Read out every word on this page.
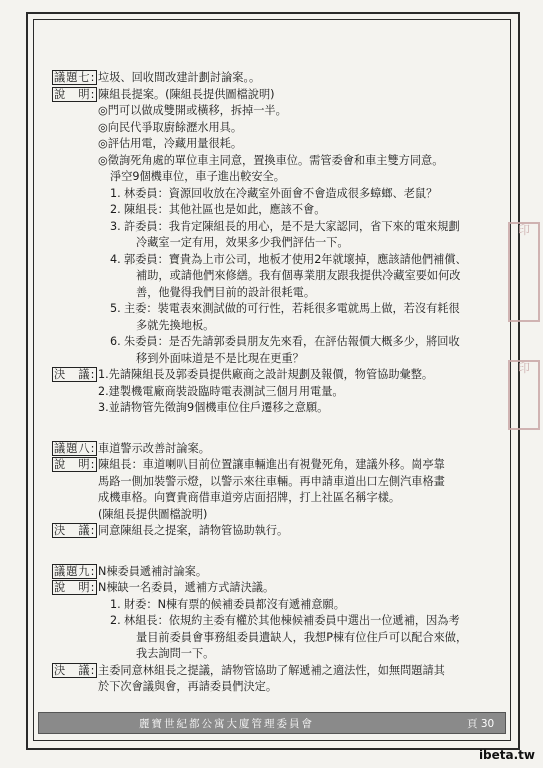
印
印
議題七: 垃圾、回收間改建計劃討論案。。

說　明: 陳組長提案。(陳組長提供圖檔說明)

◎門可以做成雙開或橫移，拆掉一半。

◎向民代爭取廚餘瀝水用具。

◎評估用電，冷藏用量很耗。

◎徵詢死角處的單位車主同意，置換車位。需管委會和車主雙方同意。

淨空9個機車位，車子進出較安全。

1. 林委員：資源回收放在冷藏室外面會不會造成很多蟑螂、老鼠？

2. 陳組長：其他社區也是如此，應該不會。

3. 許委員：我肯定陳組長的用心，是不是大家認同，省下來的電來規劃

冷藏室一定有用，效果多少我們評估一下。

4. 郭委員：寶貴為上市公司，地板才使用2年就壞掉，應該請他們補償、

補助，或請他們來修繕。我有個專業朋友跟我提供冷藏室要如何改

善，他覺得我們目前的設計很耗電。

5. 主委：裝電表來測試做的可行性，若耗很多電就馬上做，若沒有耗很

多就先換地板。

6. 朱委員：是否先請郭委員朋友先來看，在評估報價大概多少，將回收

移到外面味道是不是比現在更重？

決　議: 1.先請陳組長及郭委員提供廠商之設計規劃及報價，物管協助彙整。

2.建製機電廠商裝設臨時電表測試三個月用電量。

3.並請物管先徵詢9個機車位住戶遷移之意願。

議題八: 車道警示改善討論案。

說　明: 陳組長：車道喇叭目前位置讓車輛進出有視覺死角，建議外移。崗亭靠

馬路一側加裝警示燈，以警示來往車輛。再申請車道出口左側汽車格畫

成機車格。向寶貴商借車道旁店面招牌，打上社區名稱字樣。

(陳組長提供圖檔說明)

決　議: 同意陳組長之提案，請物管協助執行。

議題九: N棟委員遞補討論案。

說　明: N棟缺一名委員，遞補方式請決議。

1. 財委：N棟有票的候補委員都沒有遞補意願。

2. 林組長：依規約主委有權於其他棟候補委員中選出一位遞補，因為考

量目前委員會事務組委員遺缺人，我想P棟有位住戶可以配合來做，

我去詢問一下。

決　議: 主委同意林組長之提議，請物管協助了解遞補之適法性，如無問題請其

於下次會議與會，再請委員們決定。

麗寶世紀都公寓大廈管理委員會	頁 30
ibeta.tw
